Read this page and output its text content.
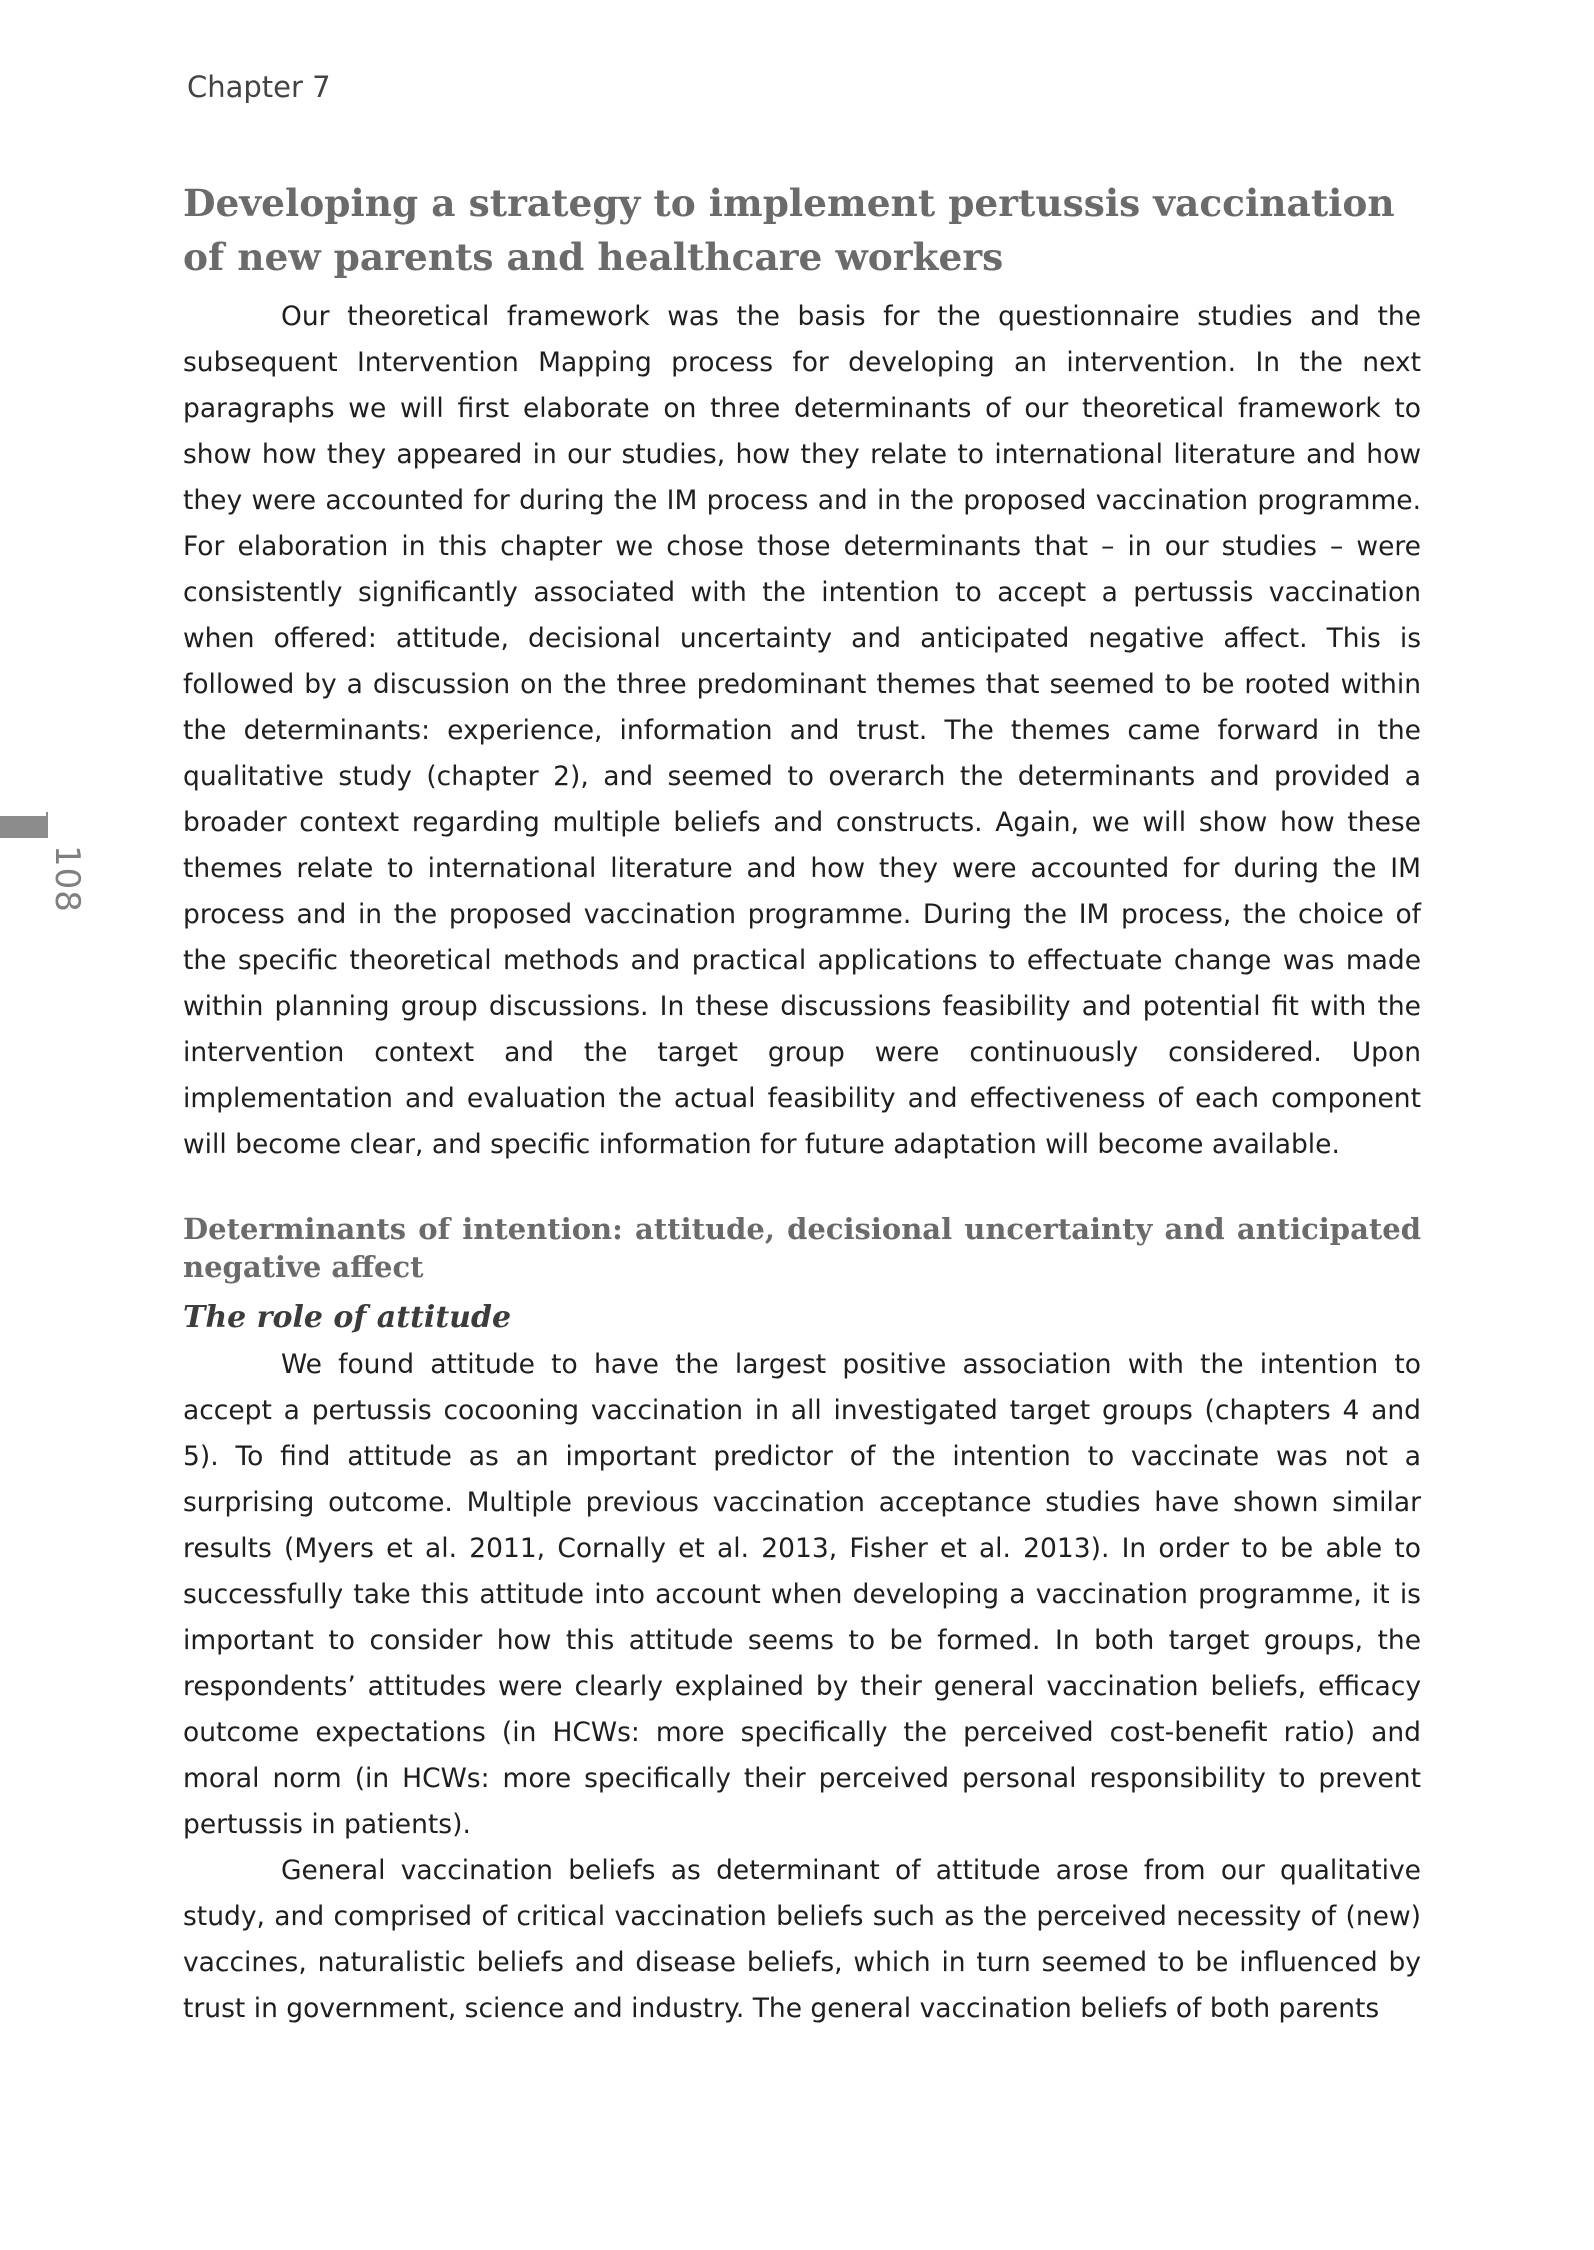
Chapter 7
108
Developing a strategy to implement pertussis vaccination of new parents and healthcare workers

Our theoretical framework was the basis for the questionnaire studies and the subsequent Intervention Mapping process for developing an intervention. In the next paragraphs we will first elaborate on three determinants of our theoretical framework to show how they appeared in our studies, how they relate to international literature and how they were accounted for during the IM process and in the proposed vaccination programme. For elaboration in this chapter we chose those determinants that – in our studies – were consistently significantly associated with the intention to accept a pertussis vaccination when offered: attitude, decisional uncertainty and anticipated negative affect. This is followed by a discussion on the three predominant themes that seemed to be rooted within the determinants: experience, information and trust. The themes came forward in the qualitative study (chapter 2), and seemed to overarch the determinants and provided a broader context regarding multiple beliefs and constructs. Again, we will show how these themes relate to international literature and how they were accounted for during the IM process and in the proposed vaccination programme. During the IM process, the choice of the specific theoretical methods and practical applications to effectuate change was made within planning group discussions. In these discussions feasibility and potential fit with the intervention context and the target group were continuously considered. Upon implementation and evaluation the actual feasibility and effectiveness of each component will become clear, and specific information for future adaptation will become available.

Determinants of intention: attitude, decisional uncertainty and anticipated negative affect
The role of attitude

We found attitude to have the largest positive association with the intention to accept a pertussis cocooning vaccination in all investigated target groups (chapters 4 and 5). To find attitude as an important predictor of the intention to vaccinate was not a surprising outcome. Multiple previous vaccination acceptance studies have shown similar results (Myers et al. 2011, Cornally et al. 2013, Fisher et al. 2013). In order to be able to successfully take this attitude into account when developing a vaccination programme, it is important to consider how this attitude seems to be formed. In both target groups, the respondents’ attitudes were clearly explained by their general vaccination beliefs, efficacy outcome expectations (in HCWs: more specifically the perceived cost-benefit ratio) and moral norm (in HCWs: more specifically their perceived personal responsibility to prevent pertussis in patients).

General vaccination beliefs as determinant of attitude arose from our qualitative study, and comprised of critical vaccination beliefs such as the perceived necessity of (new) vaccines, naturalistic beliefs and disease beliefs, which in turn seemed to be influenced by trust in government, science and industry. The general vaccination beliefs of both parents
